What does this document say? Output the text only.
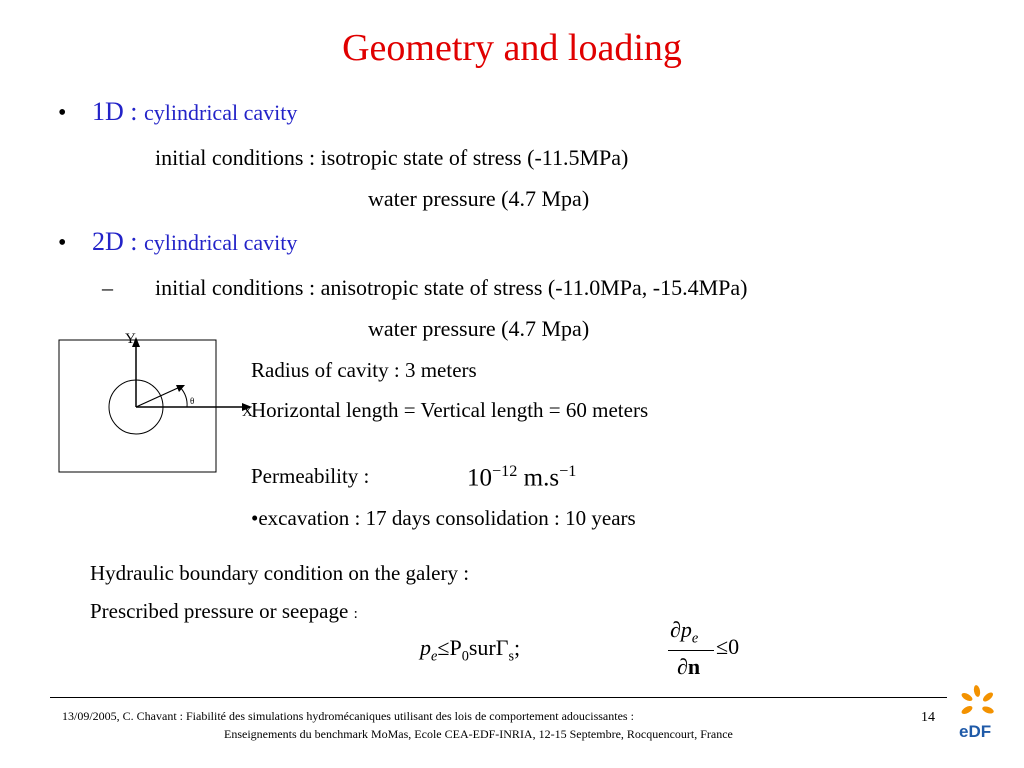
Geometry and loading
• 1D : cylindrical cavity
initial conditions : isotropic state of stress (-11.5MPa)
water pressure (4.7 Mpa)
• 2D : cylindrical cavity
– initial conditions : anisotropic state of stress (-11.0MPa, -15.4MPa)
water pressure (4.7 Mpa)
Y
X
θ
Radius of cavity : 3 meters
Horizontal length = Vertical length = 60 meters
Permeability :	$10^{-12}$ $m.s^{-1}$
•excavation : 17 days consolidation : 10 years
Hydraulic boundary condition on the galery :
Prescribed pressure or seepage :
$p_e\le P_0sur\Gamma_s$;
$\partial p_e$
∂n
≤0
13/09/2005, C. Chavant : Fiabilité des simulations hydromécaniques utilisant des lois de comportement adoucissantes :
Enseignements du benchmark MoMas, Ecole CEA-EDF-INRIA, 12-15 Septembre, Rocquencourt, France
14
eDF
